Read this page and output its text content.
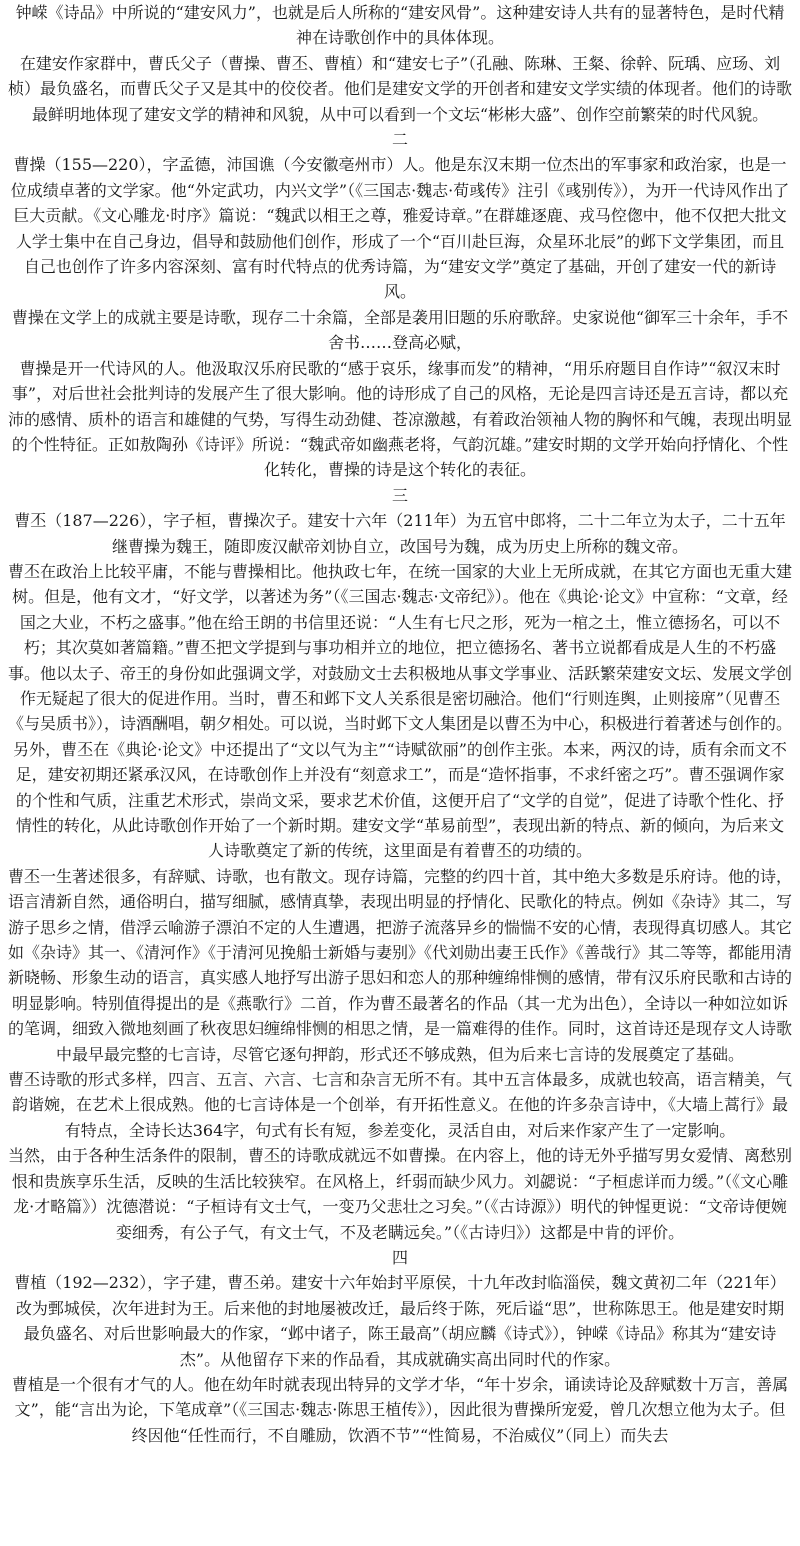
钟嵘《诗品》中所说的“建安风力”，也就是后人所称的“建安风骨”。这种建安诗人共有的显著特色，是时代精神在诗歌创作中的具体体现。

在建安作家群中，曹氏父子（曹操、曹丕、曹植）和“建安七子”（孔融、陈琳、王粲、徐幹、阮瑀、应玚、刘桢）最负盛名，而曹氏父子又是其中的佼佼者。他们是建安文学的开创者和建安文学实绩的体现者。他们的诗歌最鲜明地体现了建安文学的精神和风貌，从中可以看到一个文坛“彬彬大盛”、创作空前繁荣的时代风貌。

二

曹操（155—220），字孟德，沛国谯（今安徽亳州市）人。他是东汉末期一位杰出的军事家和政治家，也是一位成绩卓著的文学家。他“外定武功，内兴文学”（《三国志·魏志·荀彧传》注引《彧别传》），为开一代诗风作出了巨大贡献。《文心雕龙·时序》篇说：“魏武以相王之尊，雅爱诗章。”在群雄逐鹿、戎马倥偬中，他不仅把大批文人学士集中在自己身边，倡导和鼓励他们创作，形成了一个“百川赴巨海，众星环北辰”的邺下文学集团，而且自己也创作了许多内容深刻、富有时代特点的优秀诗篇，为“建安文学”奠定了基础，开创了建安一代的新诗风。

曹操在文学上的成就主要是诗歌，现存二十余篇，全部是袭用旧题的乐府歌辞。史家说他“御军三十余年，手不舍书……登高必赋，

曹操是开一代诗风的人。他汲取汉乐府民歌的“感于哀乐，缘事而发”的精神，“用乐府题目自作诗”“叙汉末时事”，对后世社会批判诗的发展产生了很大影响。他的诗形成了自己的风格，无论是四言诗还是五言诗，都以充沛的感情、质朴的语言和雄健的气势，写得生动劲健、苍凉激越，有着政治领袖人物的胸怀和气魄，表现出明显的个性特征。正如敖陶孙《诗评》所说：“魏武帝如幽燕老将，气韵沉雄。”建安时期的文学开始向抒情化、个性化转化，曹操的诗是这个转化的表征。

三

曹丕（187—226），字子桓，曹操次子。建安十六年（211年）为五官中郎将，二十二年立为太子，二十五年继曹操为魏王，随即废汉献帝刘协自立，改国号为魏，成为历史上所称的魏文帝。

曹丕在政治上比较平庸，不能与曹操相比。他执政七年，在统一国家的大业上无所成就，在其它方面也无重大建树。但是，他有文才，“好文学，以著述为务”（《三国志·魏志·文帝纪》）。他在《典论·论文》中宣称：“文章，经国之大业，不朽之盛事。”他在给王朗的书信里还说：“人生有七尺之形，死为一棺之土，惟立德扬名，可以不朽；其次莫如著篇籍。”曹丕把文学提到与事功相并立的地位，把立德扬名、著书立说都看成是人生的不朽盛事。他以太子、帝王的身份如此强调文学，对鼓励文士去积极地从事文学事业、活跃繁荣建安文坛、发展文学创作无疑起了很大的促进作用。当时，曹丕和邺下文人关系很是密切融洽。他们“行则连舆，止则接席”（见曹丕《与吴质书》），诗酒酬唱，朝夕相处。可以说，当时邺下文人集团是以曹丕为中心，积极进行着著述与创作的。

另外，曹丕在《典论·论文》中还提出了“文以气为主”“诗赋欲丽”的创作主张。本来，两汉的诗，质有余而文不足，建安初期还紧承汉风，在诗歌创作上并没有“刻意求工”，而是“造怀指事，不求纤密之巧”。曹丕强调作家的个性和气质，注重艺术形式，崇尚文采，要求艺术价值，这便开启了“文学的自觉”，促进了诗歌个性化、抒情性的转化，从此诗歌创作开始了一个新时期。建安文学“革易前型”，表现出新的特点、新的倾向，为后来文人诗歌奠定了新的传统，这里面是有着曹丕的功绩的。

曹丕一生著述很多，有辞赋、诗歌，也有散文。现存诗篇，完整的约四十首，其中绝大多数是乐府诗。他的诗，语言清新自然，通俗明白，描写细腻，感情真挚，表现出明显的抒情化、民歌化的特点。例如《杂诗》其二，写游子思乡之情，借浮云喻游子漂泊不定的人生遭遇，把游子流落异乡的惴惴不安的心情，表现得真切感人。其它如《杂诗》其一、《清河作》《于清河见挽船士新婚与妻别》《代刘勋出妻王氏作》《善哉行》其二等等，都能用清新晓畅、形象生动的语言，真实感人地抒写出游子思妇和恋人的那种缠绵悱恻的感情，带有汉乐府民歌和古诗的明显影响。特别值得提出的是《燕歌行》二首，作为曹丕最著名的作品（其一尤为出色），全诗以一种如泣如诉的笔调，细致入微地刻画了秋夜思妇缠绵悱恻的相思之情，是一篇难得的佳作。同时，这首诗还是现存文人诗歌中最早最完整的七言诗，尽管它逐句押韵，形式还不够成熟，但为后来七言诗的发展奠定了基础。

曹丕诗歌的形式多样，四言、五言、六言、七言和杂言无所不有。其中五言体最多，成就也较高，语言精美，气韵谐婉，在艺术上很成熟。他的七言诗体是一个创举，有开拓性意义。在他的许多杂言诗中，《大墙上蒿行》最有特点，全诗长达364字，句式有长有短，参差变化，灵活自由，对后来作家产生了一定影响。

当然，由于各种生活条件的限制，曹丕的诗歌成就远不如曹操。在内容上，他的诗无外乎描写男女爱情、离愁别恨和贵族享乐生活，反映的生活比较狭窄。在风格上，纤弱而缺少风力。刘勰说：“子桓虑详而力缓。”（《文心雕龙·才略篇》）沈德潜说：“子桓诗有文士气，一变乃父悲壮之习矣。”（《古诗源》）明代的钟惺更说：“文帝诗便婉娈细秀，有公子气，有文士气，不及老瞒远矣。”（《古诗归》）这都是中肯的评价。

四

曹植（192—232），字子建，曹丕弟。建安十六年始封平原侯，十九年改封临淄侯，魏文黄初二年（221年）改为鄄城侯，次年进封为王。后来他的封地屡被改迁，最后终于陈，死后谥“思”，世称陈思王。他是建安时期最负盛名、对后世影响最大的作家，“邺中诸子，陈王最高”（胡应麟《诗式》），钟嵘《诗品》称其为“建安诗杰”。从他留存下来的作品看，其成就确实高出同时代的作家。

曹植是一个很有才气的人。他在幼年时就表现出特异的文学才华，“年十岁余，诵读诗论及辞赋数十万言，善属文”，能“言出为论，下笔成章”（《三国志·魏志·陈思王植传》），因此很为曹操所宠爱，曾几次想立他为太子。但终因他“任性而行，不自雕励，饮酒不节”“性简易，不治威仪”（同上）而失去
